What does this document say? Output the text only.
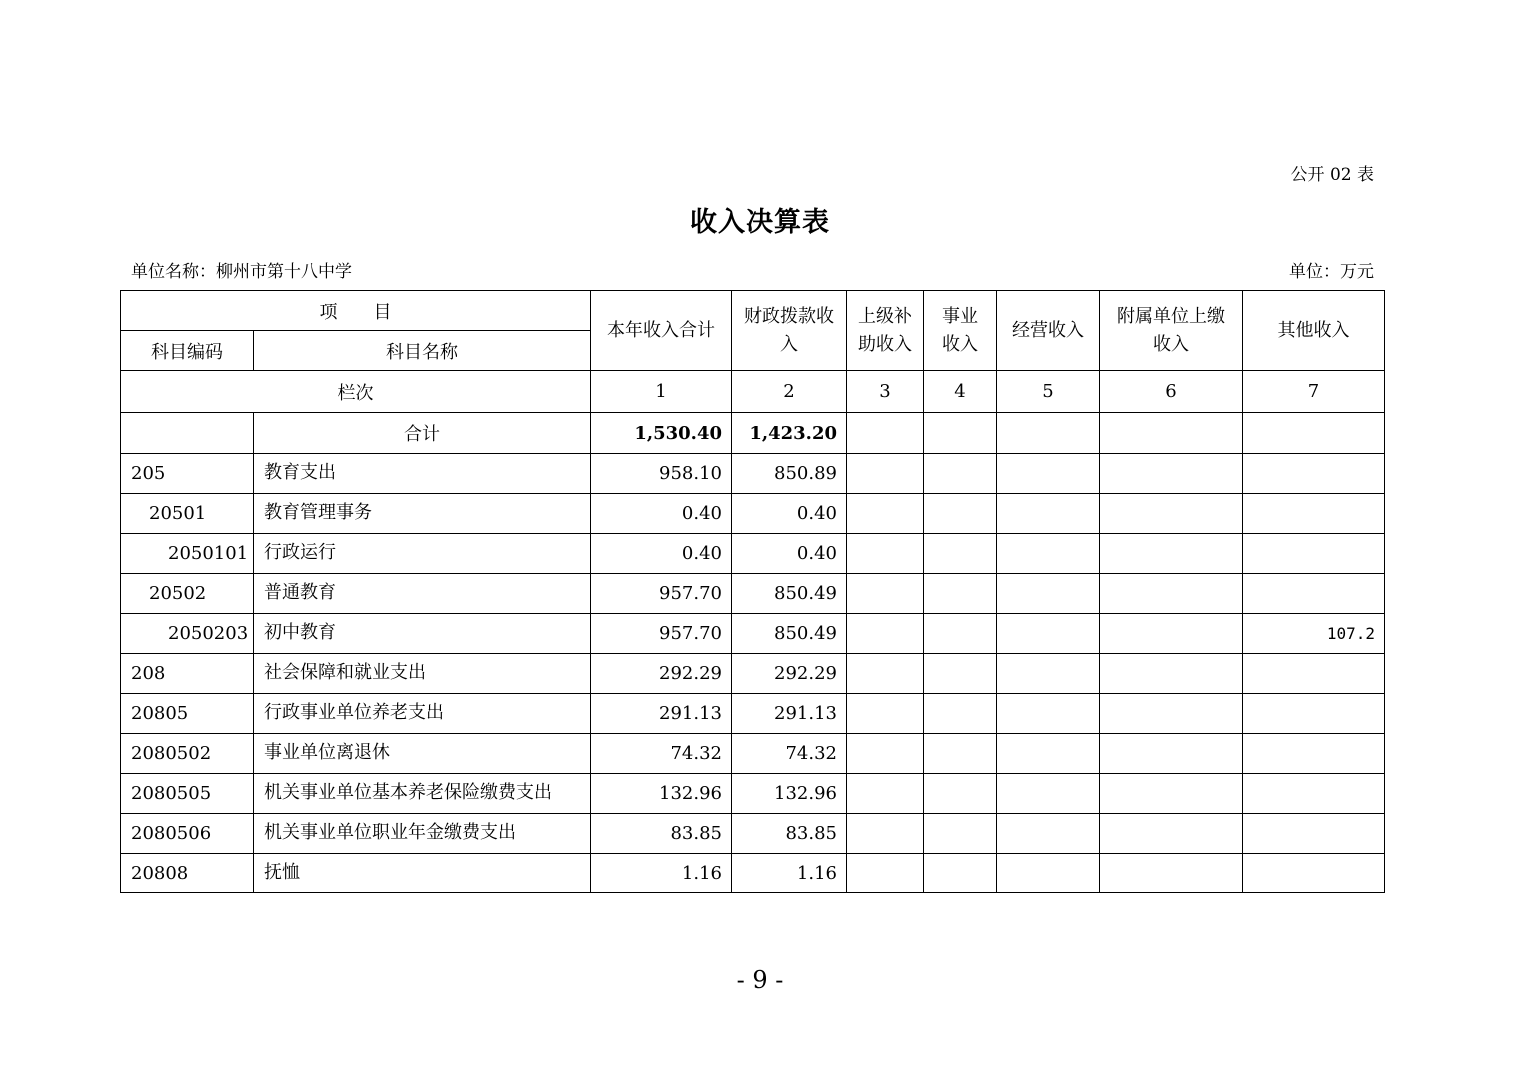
公开 02 表
收入决算表
单位名称：柳州市第十八中学	单位：万元
项　　目		本年收入合计	财政拨款收入	上级补助收入	事业收入	经营收入	附属单位上缴收入	其他收入
科目编码	科目名称							
栏次		1	2	3	4	5	6	7
	合计	1,530.40	1,423.20					
205	教育支出	958.10	850.89					
20501	教育管理事务	0.40	0.40					
2050101	行政运行	0.40	0.40					
20502	普通教育	957.70	850.49					
2050203	初中教育	957.70	850.49					107.2
208	社会保障和就业支出	292.29	292.29					
20805	行政事业单位养老支出	291.13	291.13					
2080502	事业单位离退休	74.32	74.32					
2080505	机关事业单位基本养老保险缴费支出	132.96	132.96					
2080506	机关事业单位职业年金缴费支出	83.85	83.85					
20808	抚恤	1.16	1.16					
- 9 -
